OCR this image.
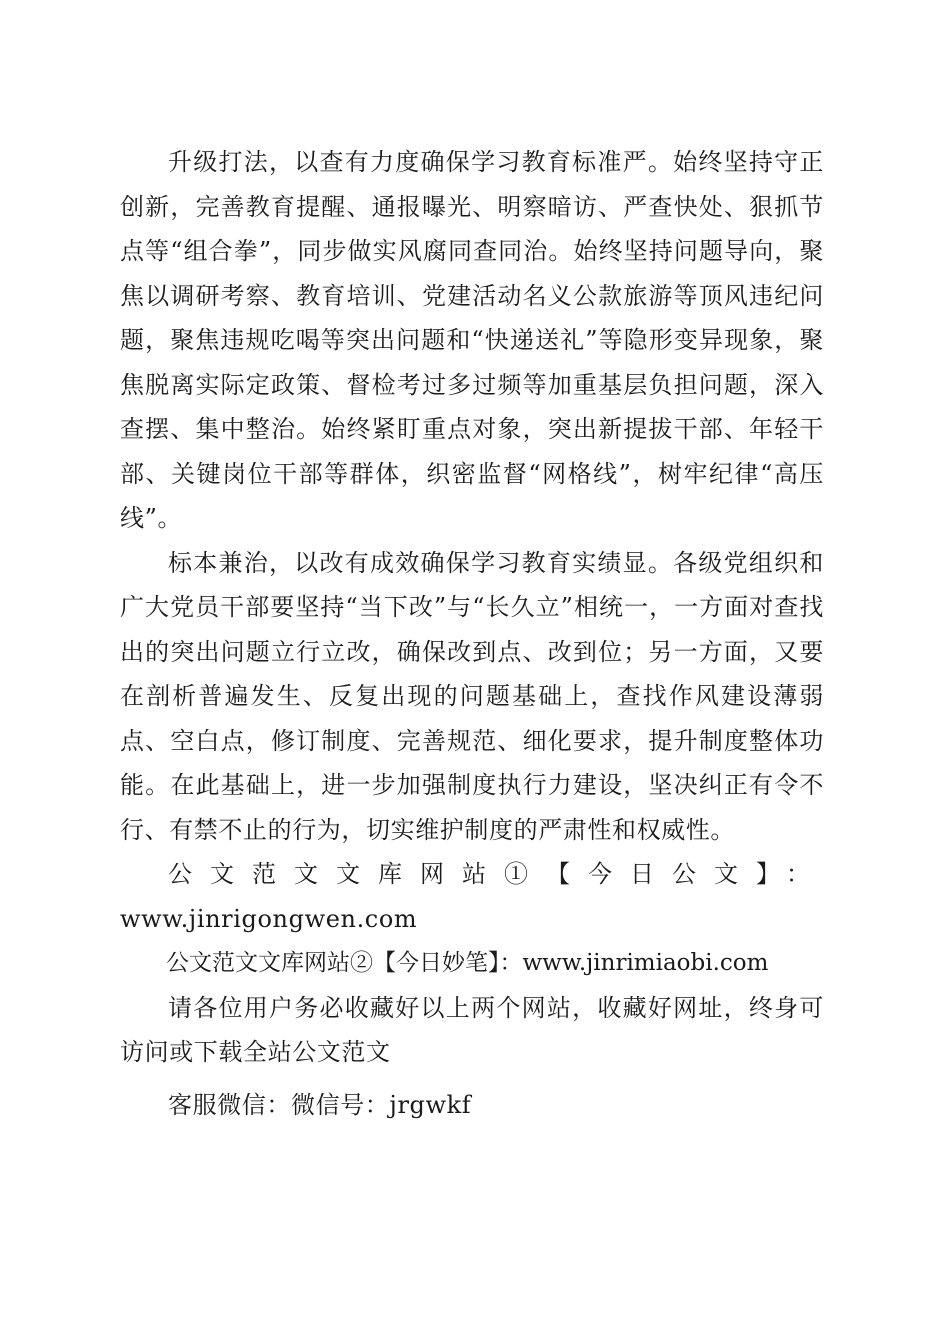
升级打法，以查有力度确保学习教育标准严。始终坚持守正创新，完善教育提醒、通报曝光、明察暗访、严查快处、狠抓节点等“组合拳”，同步做实风腐同查同治。始终坚持问题导向，聚焦以调研考察、教育培训、党建活动名义公款旅游等顶风违纪问题，聚焦违规吃喝等突出问题和“快递送礼”等隐形变异现象，聚焦脱离实际定政策、督检考过多过频等加重基层负担问题，深入查摆、集中整治。始终紧盯重点对象，突出新提拔干部、年轻干部、关键岗位干部等群体，织密监督“网格线”，树牢纪律“高压线”。

标本兼治，以改有成效确保学习教育实绩显。各级党组织和广大党员干部要坚持“当下改”与“长久立”相统一，一方面对查找出的突出问题立行立改，确保改到点、改到位；另一方面，又要在剖析普遍发生、反复出现的问题基础上，查找作风建设薄弱点、空白点，修订制度、完善规范、细化要求，提升制度整体功能。在此基础上，进一步加强制度执行力建设，坚决纠正有令不行、有禁不止的行为，切实维护制度的严肃性和权威性。

公文范文文库网站①【今日公文】：

www.jinrigongwen.com

公文范文文库网站②【今日妙笔】：www.jinrimiaobi.com

请各位用户务必收藏好以上两个网站，收藏好网址，终身可访问或下载全站公文范文

客服微信：微信号：jrgwkf
